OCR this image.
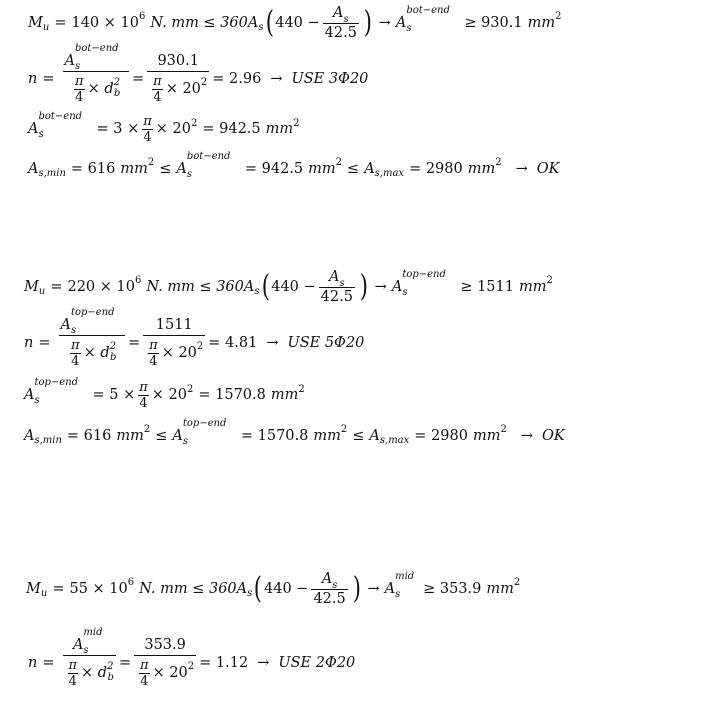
M u = 140 × 10 6 N. mm ≤ 360 A s ( $440 - \frac{A_s}{42.5}$ ) → A
bot−end
s	≥ 930.1 mm 2
n = A
bot−end
s
$\frac{\pi}{4} \times d$ 2
$b = \frac{930.1}{\frac{\pi}{4} \times 20 2} = 2.96$ → USE 3Φ20
A
bot−end
s	= $3 \times \frac{\pi}{4} \times 20$ 2 = 942.5 mm 2
A s,min = 616 mm 2 ≤ A
bot−end
s	= 942.5 mm 2 ≤ A s,max = 2980 mm 2 → OK
M u = 220 × 10 6 N. mm ≤ 360 A s ( $440 - \frac{A_s}{42.5}$ ) → A
top−end
s	≥ 1511 mm 2
n = A
top−end
s
$\frac{\pi}{4} \times d$ 2
$b = \frac{1511}{\frac{\pi}{4} \times 20 2} = 4.81$ → USE 5Φ20
A
top−end
s	= $5 \times \frac{\pi}{4} \times 20$ 2 = 1570.8 mm 2
A s,min = 616 mm 2 ≤ A
top−end
s	= 1570.8 mm 2 ≤ A s,max = 2980 mm 2 → OK
M u = 55 × 10 6 N. mm ≤ 360 A s ( $440 - \frac{A_s}{42.5}$ ) → A
mid
s ≥ 353.9 mm 2
n = A
mid
s
$\frac{\pi}{4} \times d$ 2
$b = \frac{353.9}{\frac{\pi}{4} \times 20 2} = 1.12$ → USE 2Φ20
